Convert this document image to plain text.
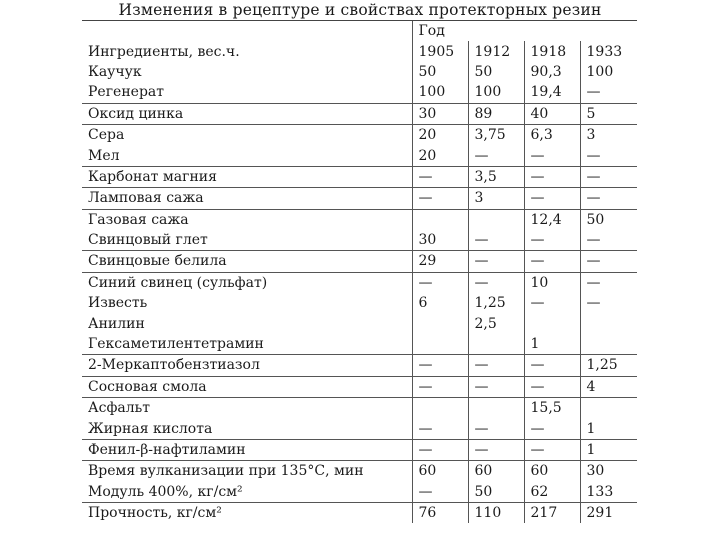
Изменения в рецептуре и свойствах протекторных резин
	Год			
Ингредиенты, вес.ч.	1905	1912	1918	1933
Каучук	50	50	90,3	100
Регенерат	100	100	19,4	—
Оксид цинка	30	89	40	5
Сера	20	3,75	6,3	3
Мел	20	—	—	—
Карбонат магния	—	3,5	—	—
Ламповая сажа	—	3	—	—
Газовая сажа			12,4	50
Свинцовый глет	30	—	—	—
Свинцовые белила	29	—	—	—
Синий свинец (сульфат)	—	—	10	—
Известь	6	1,25	—	—
Анилин		2,5		
Гексаметилентетрамин			1	
2-Меркаптобензтиазол	—	—	—	1,25
Сосновая смола	—	—	—	4
Асфальт			15,5	
Жирная кислота	—	—	—	1
Фенил-β-нафтиламин	—	—	—	1
Время вулканизации при 135°С, мин	60	60	60	30
Модуль 400%, кг/см²	—	50	62	133
Прочность, кг/см²	76	110	217	291
